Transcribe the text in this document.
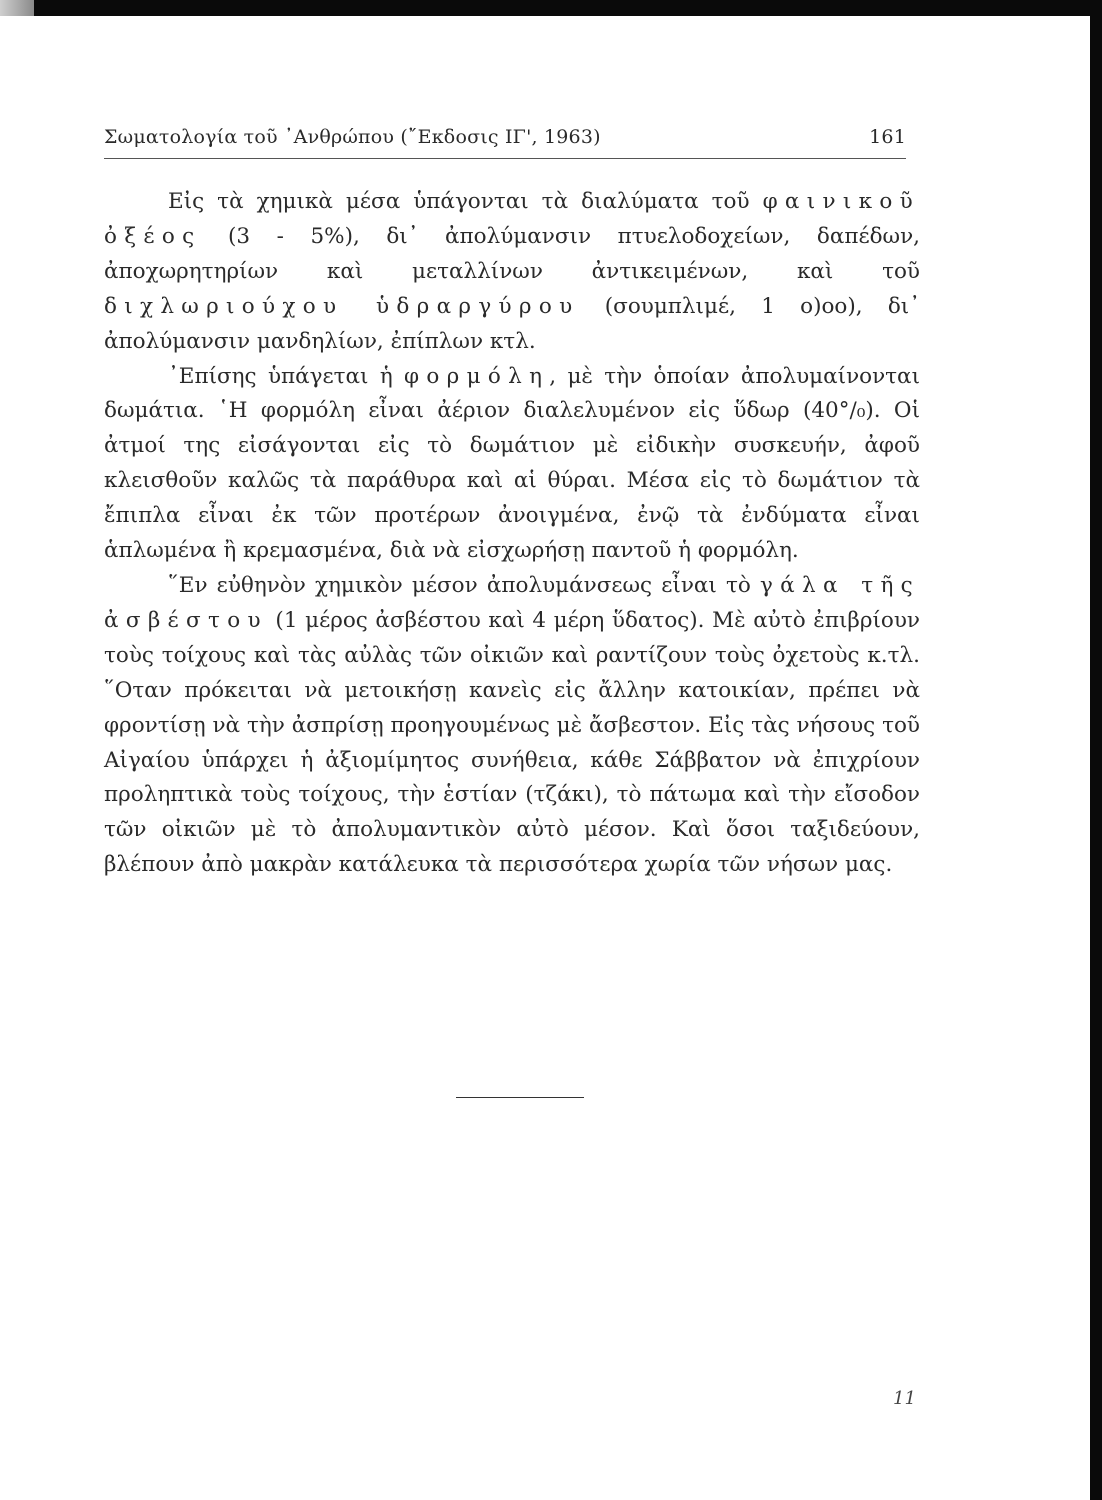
Σωματολογία τοῦ ᾿Ανθρώπου (῎Εκδοσις ΙΓ', 1963)	161

Εἰς τὰ χημικὰ μέσα ὑπάγονται τὰ διαλύματα τοῦ φαινικοῦ ὀξέος (3 - 5%), δι᾿ ἀπολύμανσιν πτυελοδοχείων, δαπέδων, ἀποχωρητηρίων καὶ μεταλλίνων ἀντικειμένων, καὶ τοῦ διχλωριούχου ὑδραργύρου (σουμπλιμέ, 1 ο)οο), δι᾿ ἀπολύμανσιν μανδηλίων, ἐπίπλων κτλ.

᾿Επίσης ὑπάγεται ἡ φορμόλη, μὲ τὴν ὁποίαν ἀπολυμαίνονται δωμάτια. ῾Η φορμόλη εἶναι ἀέριον διαλελυμένον εἰς ὕδωρ (40°/₀). Οἱ ἀτμοί της εἰσάγονται εἰς τὸ δωμάτιον μὲ εἰδικὴν συσκευήν, ἀφοῦ κλεισθοῦν καλῶς τὰ παράθυρα καὶ αἱ θύραι. Μέσα εἰς τὸ δωμάτιον τὰ ἔπιπλα εἶναι ἐκ τῶν προτέρων ἀνοιγμένα, ἐνῷ τὰ ἐνδύματα εἶναι ἁπλωμένα ἢ κρεμασμένα, διὰ νὰ εἰσχωρήσῃ παντοῦ ἡ φορμόλη.

῞Εν εὐθηνὸν χημικὸν μέσον ἀπολυμάνσεως εἶναι τὸ γάλα τῆς ἀσβέστου (1 μέρος ἀσβέστου καὶ 4 μέρη ὕδατος). Μὲ αὐτὸ ἐπιβρίουν τοὺς τοίχους καὶ τὰς αὐλὰς τῶν οἰκιῶν καὶ ραντίζουν τοὺς ὀχετοὺς κ.τλ. ῞Οταν πρόκειται νὰ μετοικήσῃ κανεὶς εἰς ἄλλην κατοικίαν, πρέπει νὰ φροντίσῃ νὰ τὴν ἀσπρίσῃ προηγουμένως μὲ ἄσβεστον. Εἰς τὰς νήσους τοῦ Αἰγαίου ὑπάρχει ἡ ἀξιομίμητος συνήθεια, κάθε Σάββατον νὰ ἐπιχρίουν προληπτικὰ τοὺς τοίχους, τὴν ἑστίαν (τζάκι), τὸ πάτωμα καὶ τὴν εἴσοδον τῶν οἰκιῶν μὲ τὸ ἀπολυμαντικὸν αὐτὸ μέσον. Καὶ ὅσοι ταξιδεύουν, βλέπουν ἀπὸ μακρὰν κατάλευκα τὰ περισσότερα χωρία τῶν νήσων μας.

11
